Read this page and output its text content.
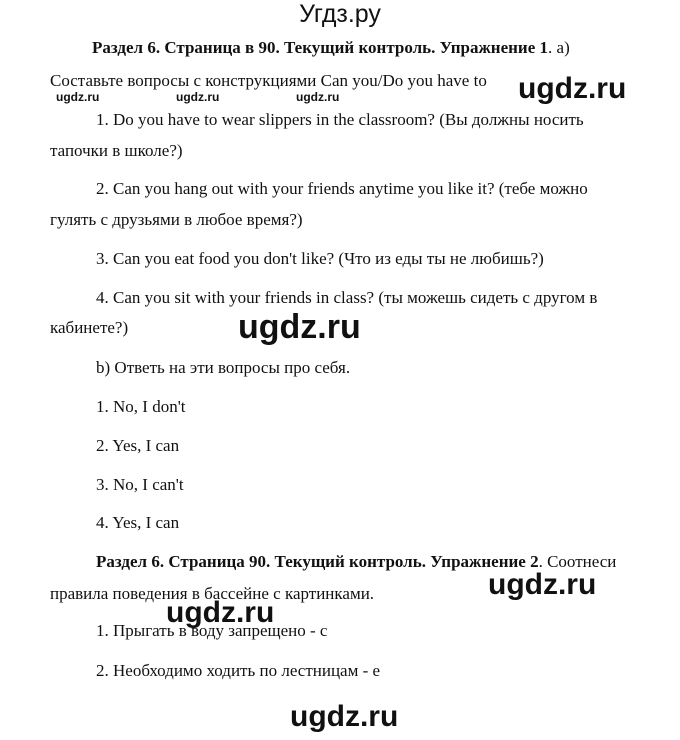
Угдз.ру
Раздел 6. Страница в 90. Текущий контроль. Упражнение 1. а)
Составьте вопросы с конструкциями Can you/Do you have to
ugdz.ru	ugdz.ru	ugdz.ru	ugdz.ru
1. Do you have to wear slippers in the classroom? (Вы должны носить
тапочки в школе?)
2. Can you hang out with your friends anytime you like it? (тебе можно
гулять с друзьями в любое время?)
3. Can you eat food you don't like? (Что из еды ты не любишь?)
4. Can you sit with your friends in class? (ты можешь сидеть с другом в
кабинете?)	ugdz.ru
b) Ответь на эти вопросы про себя.
1. No, I don't
2. Yes, I can
3. No, I can't
4. Yes, I can
Раздел 6. Страница 90. Текущий контроль. Упражнение 2. Соотнеси
правила поведения в бассейне с картинками.	ugdz.ru
ugdz.ru
1. Прыгать в воду запрещено - с
2. Необходимо ходить по лестницам - е
ugdz.ru
